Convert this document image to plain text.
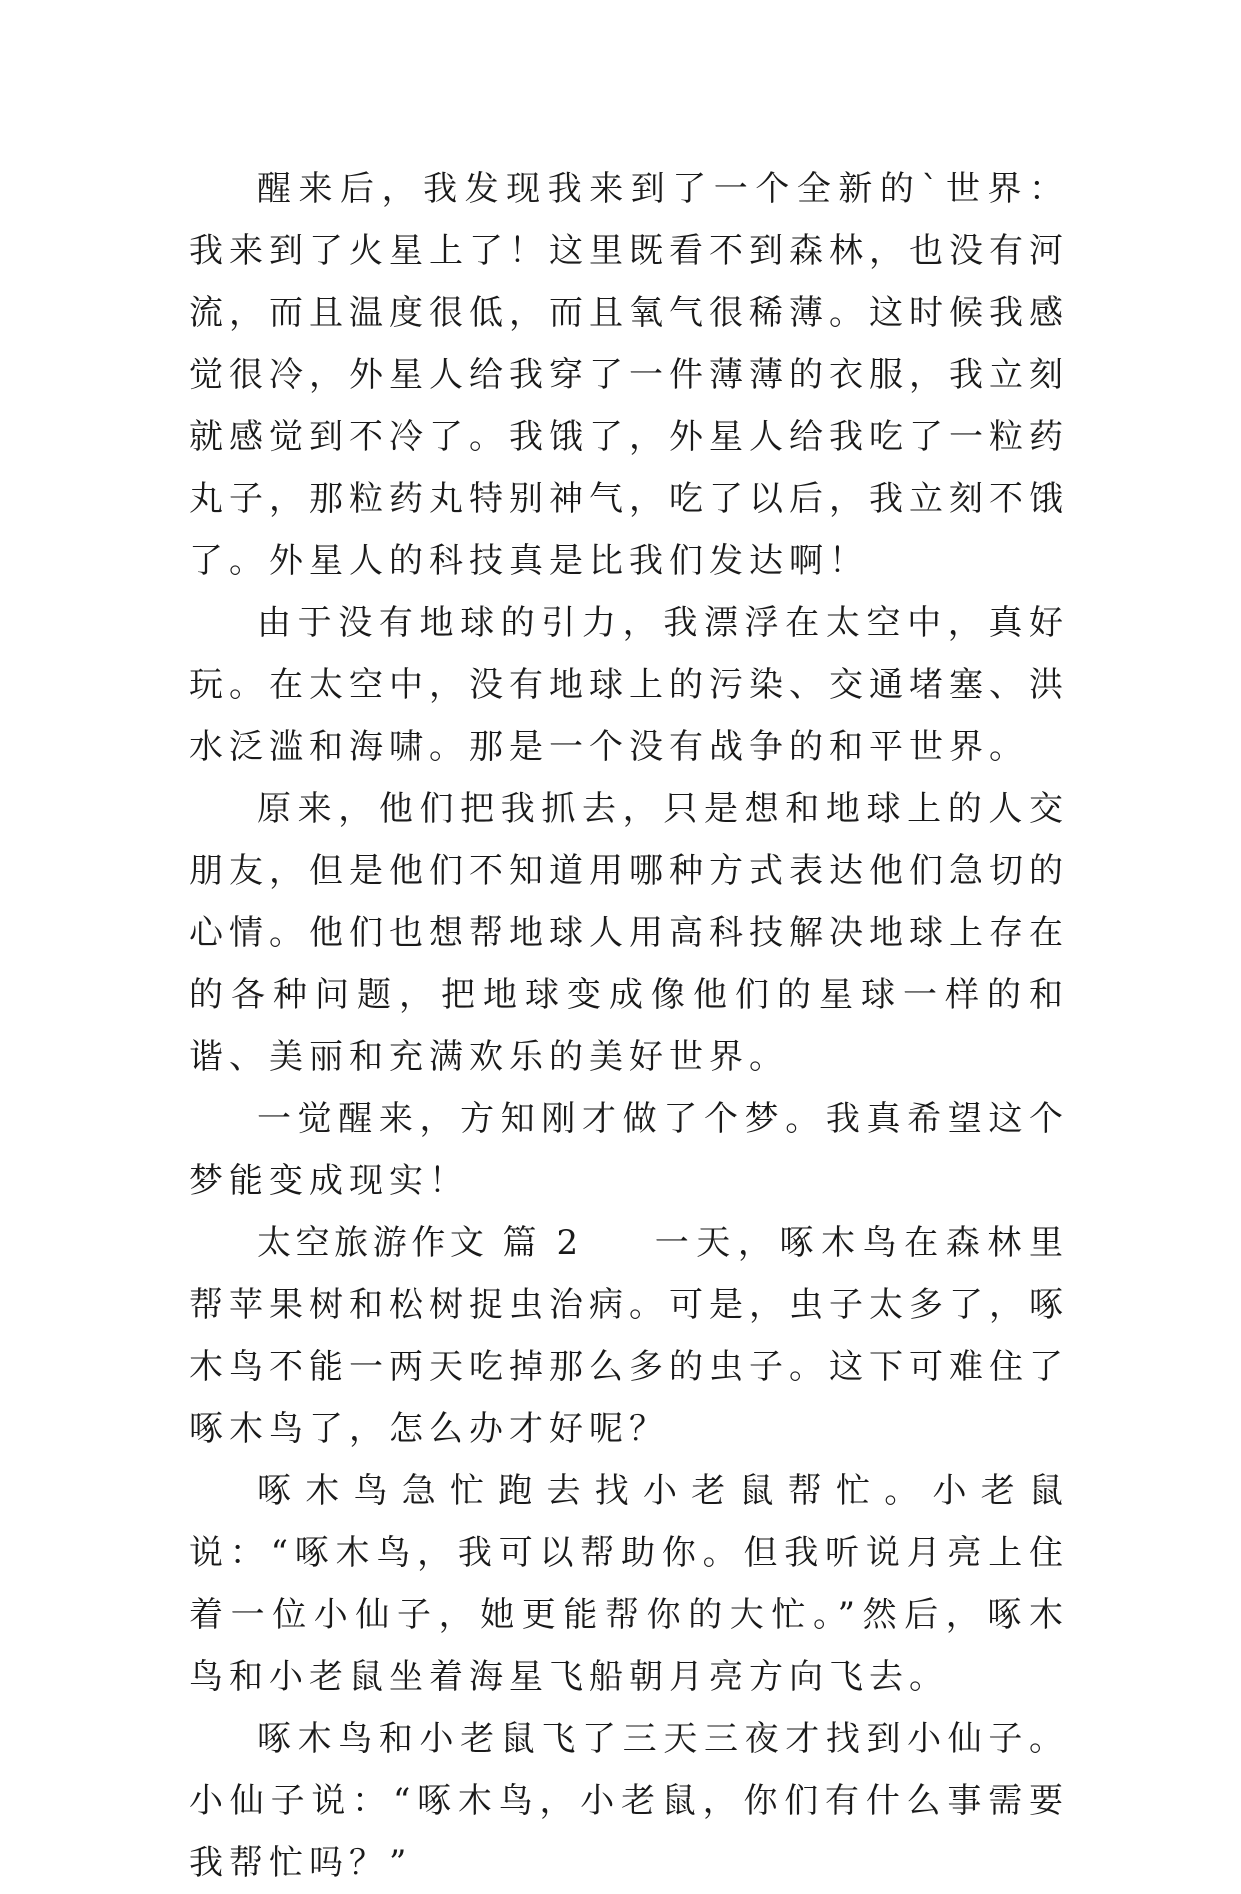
醒来后，我发现我来到了一个全新的`世界：我来到了火星上了！这里既看不到森林，也没有河流，而且温度很低，而且氧气很稀薄。这时候我感觉很冷，外星人给我穿了一件薄薄的衣服，我立刻就感觉到不冷了。我饿了，外星人给我吃了一粒药丸子，那粒药丸特别神气，吃了以后，我立刻不饿了。外星人的科技真是比我们发达啊！

由于没有地球的引力，我漂浮在太空中，真好玩。在太空中，没有地球上的污染、交通堵塞、洪水泛滥和海啸。那是一个没有战争的和平世界。

原来，他们把我抓去，只是想和地球上的人交朋友，但是他们不知道用哪种方式表达他们急切的心情。他们也想帮地球人用高科技解决地球上存在的各种问题，把地球变成像他们的星球一样的和谐、美丽和充满欢乐的美好世界。

一觉醒来，方知刚才做了个梦。我真希望这个梦能变成现实！

太空旅游作文 篇 2 一天，啄木鸟在森林里帮苹果树和松树捉虫治病。可是，虫子太多了，啄木鸟不能一两天吃掉那么多的虫子。这下可难住了啄木鸟了，怎么办才好呢？

啄木鸟急忙跑去找小老鼠帮忙。小老鼠说：“啄木鸟，我可以帮助你。但我听说月亮上住着一位小仙子，她更能帮你的大忙。”然后，啄木鸟和小老鼠坐着海星飞船朝月亮方向飞去。

啄木鸟和小老鼠飞了三天三夜才找到小仙子。小仙子说：“啄木鸟，小老鼠，你们有什么事需要我帮忙吗？”
